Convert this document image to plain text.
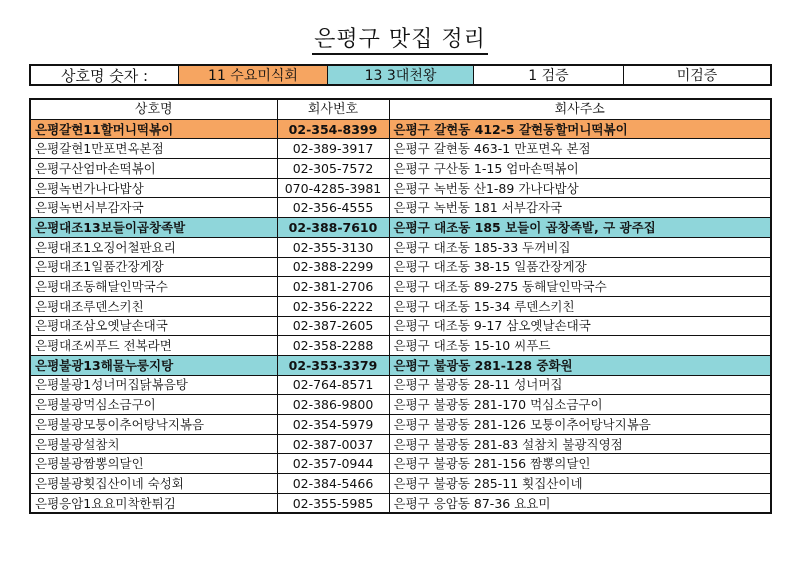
은평구 맛집 정리
상호명 숫자 :	11 수요미식회	13 3대천왕	1 검증	미검증
상호명	회사번호	회사주소
은평갈현11할머니떡볶이	02-354-8399	은평구 갈현동 412-5 갈현동할머니떡볶이
은평갈현1만포면옥본점	02-389-3917	은평구 갈현동 463-1 만포면옥 본점
은평구산엄마손떡볶이	02-305-7572	은평구 구산동 1-15 엄마손떡볶이
은평녹번가나다밥상	070-4285-3981	은평구 녹번동 산1-89 가나다밥상
은평녹번서부감자국	02-356-4555	은평구 녹번동 181 서부감자국
은평대조13보들이곱창족발	02-388-7610	은평구 대조동 185 보들이 곱창족발, 구 광주집
은평대조1오징어철판요리	02-355-3130	은평구 대조동 185-33 두꺼비집
은평대조1일품간장게장	02-388-2299	은평구 대조동 38-15 일품간장게장
은평대조동해달인막국수	02-381-2706	은평구 대조동 89-275 동해달인막국수
은평대조루덴스키친	02-356-2222	은평구 대조동 15-34 루덴스키친
은평대조삼오옛날손대국	02-387-2605	은평구 대조동 9-17 삼오옛날손대국
은평대조씨푸드 전복라면	02-358-2288	은평구 대조동 15-10 씨푸드
은평불광13해물누룽지탕	02-353-3379	은평구 불광동 281-128 중화원
은평불광1성너머집닭볶음탕	02-764-8571	은평구 불광동 28-11 성너머집
은평불광먹심소금구이	02-386-9800	은평구 불광동 281-170 먹심소금구이
은평불광모퉁이추어탕낙지볶음	02-354-5979	은평구 불광동 281-126 모퉁이추어탕낙지볶음
은평불광설참치	02-387-0037	은평구 불광동 281-83 설참치 불광직영점
은평불광짬뽕의달인	02-357-0944	은평구 불광동 281-156 짬뽕의달인
은평불광횟집산이네 숙성회	02-384-5466	은평구 불광동 285-11 횟집산이네
은평응암1요요미착한튀김	02-355-5985	은평구 응암동 87-36 요요미
